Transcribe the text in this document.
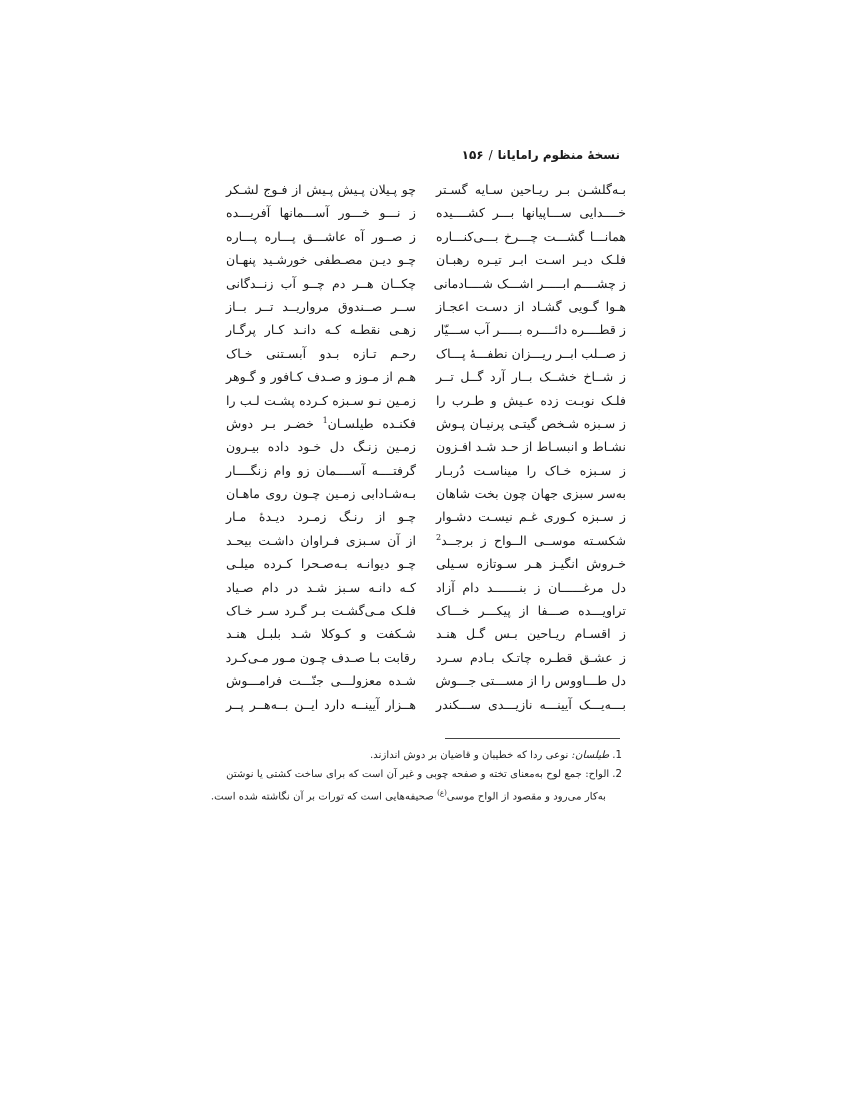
نسخهٔ منظوم رامایانا/۱۵۶
بـه‌گلشـن بـر ریـاحین سـایه گسـتر
خــــدایی ســـاپیانها بـــر کشــــیده
همانـــا گشـــت چـــرخ بـــی‌کنـــاره
فلـک دیـر اسـت ابـر تیـره رهبـان
ز چشــــم ابـــــر اشـــک شــــادمانی
هـوا گـویی گشـاد از دسـت اعجـاز
ز قطــــره دائــــره بـــــر آب ســـیّار
ز صــلب ابــر ریـــزان نطفـــهٔ پـــاک
ز شــاخ خشــک بــار آرد گــل تــر
فلـک نوبـت زده عـیش و طـرب را
ز سـبزه شـخص گیتـی پرنیـان پـوش
نشـاط و انبسـاط از حـد شـد افـزون
ز سـبزه خـاک را میناسـت دُربـار
به‌سر سبزی جهان چون بخت شاهان
ز سـبزه کـوری غـم نیسـت دشـوار
شکسـته موســی الــواح ز برجــد$^2$
خـروش انگیـز هـر سـوتازه سـیلی
دل مرغــــــان ز بنـــــــد دام آزاد
تراویـــده صـــفا از پیکـــر خـــاک
ز اقسـام ریـاحین بـس گـل هنـد
ز عشـق قطـره چاتـک بـادم سـرد
دل طـــاووس را از مســـتی جـــوش
بـــه‌یـــک آیینـــه نازیـــدی ســـکندر
چو پـیلان پـیش پـیش از فـوج لشـکر
ز نـــو خـــور آســـمانها آفریـــده
ز صــور آه عاشـــق پـــاره پـــاره
چـو دیـن مصـطفی خورشـید پنهـان
چکــان هــر دم چــو آب زنــدگانی
ســر صــندوق مرواریــد تــر بــاز
زهـی نقطـه کـه دانـد کـار پرگـار
رحـم تـازه بـدو آبسـتنی خـاک
هـم از مـوز و صـدف کـافور و گـوهر
زمـین نـو سـبزه کـرده پشـت لـب را
فکنـده طیلسـان$^1$ خضـر بـر دوش
زمـین زنـگ دل خـود داده بیـرون
گرفتــــه آســــمان زو وام زنگــــار
بـه‌شـادابی زمـین چـون روی ماهـان
چـو از رنـگ زمـرد دیـدهٔ مـار
از آن سـبزی فـراوان داشـت بیحـد
چـو دیوانـه بـه‌صـحرا کـرده میلـی
کـه دانـه سـبز شـد در دام صـیاد
فلـک مـی‌گشـت بـر گـرد سـر خـاک
شـکفت و کـوکلا شـد بلبـل هنـد
رقابت بـا صـدف چـون مـور مـی‌کـرد
شـده معزولـــی جنّـــت فرامـــوش
هــزار آیینــه دارد ایــن بــه‌هــر پــر
1.طیلسان: نوعی ردا که خطیبان و قاضیان بر دوش اندازند.
2.الواح: جمع لوح به‌معنای تخته و صفحه چوبی و غیر آن است که برای ساخت کشتی یا نوشتن
به‌کار می‌رود و مقصود از الواح موسی$^{(ع)}$ صحیفه‌هایی است که تورات بر آن نگاشته شده است.
